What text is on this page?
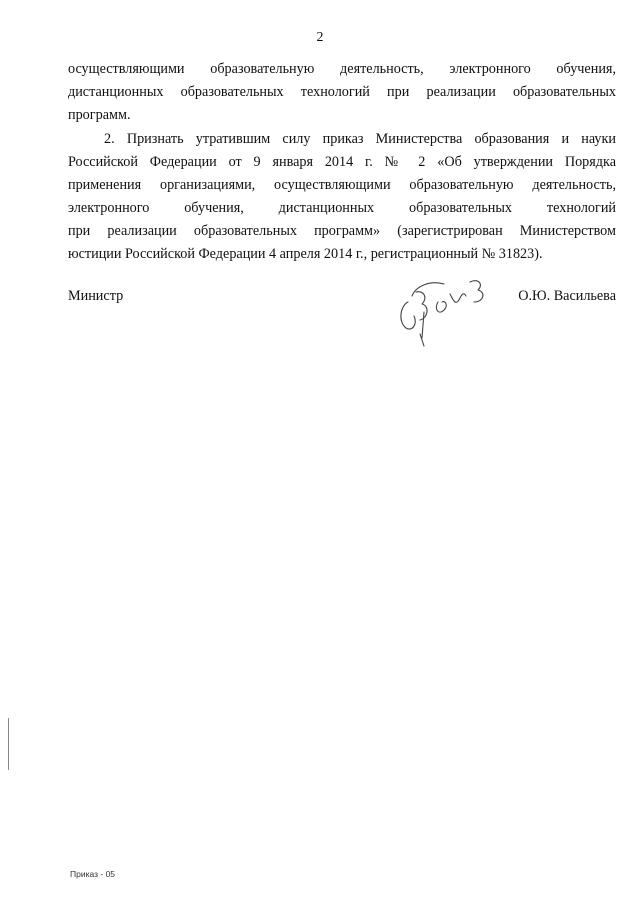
2
осуществляющими образовательную деятельность, электронного обучения,
дистанционных образовательных технологий при реализации образовательных
программ.
2. Признать утратившим силу приказ Министерства образования и науки
Российской Федерации от 9 января 2014 г. № 2 «Об утверждении Порядка
применения организациями, осуществляющими образовательную деятельность,
электронного обучения, дистанционных образовательных технологий
при реализации образовательных программ» (зарегистрирован Министерством
юстиции Российской Федерации 4 апреля 2014 г., регистрационный № 31823).
Министр	О.Ю. Васильева
Приказ - 05
